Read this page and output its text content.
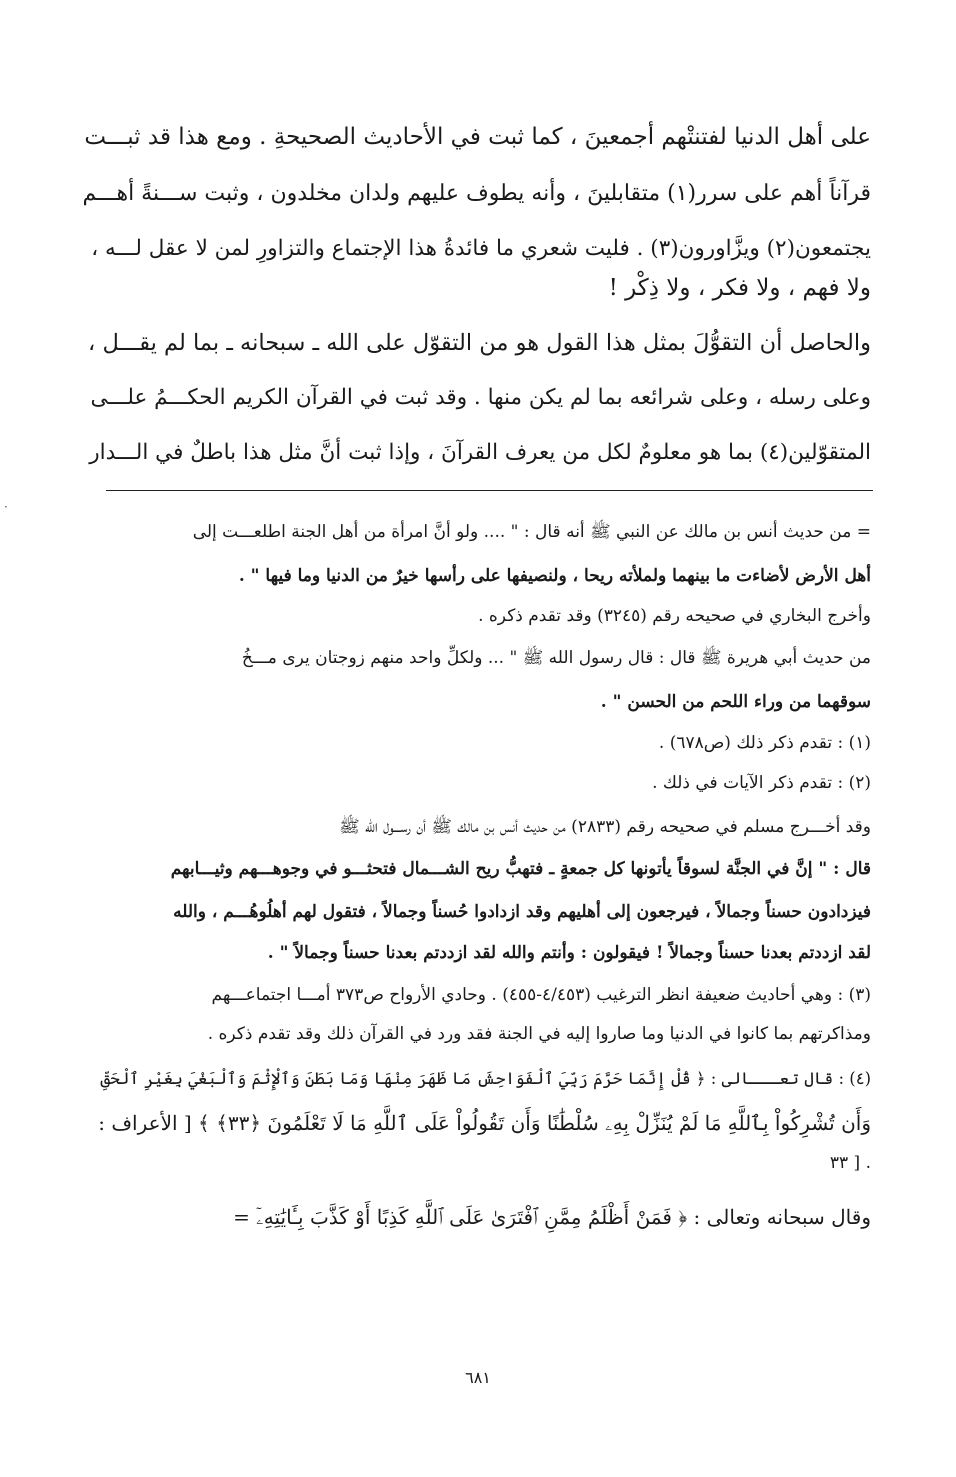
على أهل الدنيا لفتنتْهم أجمعينَ ، كما ثبت في الأحاديث الصحيحةِ . ومع هذا قد ثبـــت
قرآناً أهم على سرر(١) متقابلينَ ، وأنه يطوف عليهم ولدان مخلدون ، وثبت ســـنةً أهـــم
يجتمعون(٢) ويزَّاورون(٣) . فليت شعري ما فائدةُ هذا الإجتماع والتزاورِ لمن لا عقل لـــه ،
ولا فهم ، ولا فكر ، ولا ذِكْر !
والحاصل أن التقوُّلَ بمثل هذا القول هو من التقوّل على الله ـ سبحانه ـ بما لم يقـــل ،
وعلى رسله ، وعلى شرائعه بما لم يكن منها . وقد ثبت في القرآن الكريم الحكـــمُ علـــى
المتقوّلين(٤) بما هو معلومٌ لكل من يعرف القرآنَ ، وإذا ثبت أنَّ مثل هذا باطلٌ في الـــدار
= من حديث أنس بن مالك عن النبي ﷺ أنه قال : " .... ولو أنَّ امرأة من أهل الجنة اطلعـــت إلى
أهل الأرض لأضاءت ما بينهما ولملأته ريحا ، ولنصيفها على رأسها خيرٌ من الدنيا وما فيها " .
وأخرج البخاري في صحيحه رقم (٣٢٤٥) وقد تقدم ذكره .
من حديث أبي هريرة ﷺ قال : قال رسول الله ﷺ " ... ولكلِّ واحد منهم زوجتان يرى مـــخُ
سوقهما من وراء اللحم من الحسن " .
(١) : تقدم ذكر ذلك (ص٦٧٨) .
(٢) : تقدم ذكر الآيات في ذلك .
وقد أخـــرج مسلم في صحيحه رقم (٢٨٣٣) من حديث أنس بن مالك ﷺ أن رســـول الله ﷺ
قال : " إنَّ في الجنَّة لسوقاً يأتونها كل جمعةٍ ـ فتهبُّ ريح الشـــمال فتحثـــو في وجوهـــهم وثيـــابهم
فيزدادون حسناً وجمالاً ، فيرجعون إلى أهليهم وقد ازدادوا حُسناً وجمالاً ، فتقول لهم أهلُوهُـــم ، والله
لقد ازددتم بعدنا حسناً وجمالاً ! فيقولون : وأنتم والله لقد ازددتم بعدنا حسناً وجمالاً " .
(٣) : وهي أحاديث ضعيفة انظر الترغيب (٤/٤٥٣-٤٥٥) . وحادي الأرواح ص٣٧٣ أمـــا اجتماعـــهم
ومذاكرتهم بما كانوا في الدنيا وما صاروا إليه في الجنة فقد ورد في القرآن ذلك وقد تقدم ذكره .
(٤) : قال تعـــالى : ﴿ قُلْ إِنَّمَا حَرَّمَ رَبِّيَ ٱلْفَوَاحِشَ مَا ظَهَرَ مِنْهَا وَمَا بَطَنَ وَٱلْإِثْمَ وَٱلْبَغْيَ بِغَيْرِ ٱلْحَقِّ
وَأَن تُشْرِكُواْ بِٱللَّهِ مَا لَمْ يُنَزِّلْ بِهِۦ سُلْطَٰنًا وَأَن تَقُولُواْ عَلَى ٱللَّهِ مَا لَا تَعْلَمُونَ ﴿٣٣﴾ ﴾ [ الأعراف :
. [ ٣٣
وقال سبحانه وتعالى : ﴿ فَمَنْ أَظْلَمُ مِمَّنِ ٱفْتَرَىٰ عَلَى ٱللَّهِ كَذِبًا أَوْ كَذَّبَ بِـَٔايَٰتِهِۦٓ =
٦٨١
·
